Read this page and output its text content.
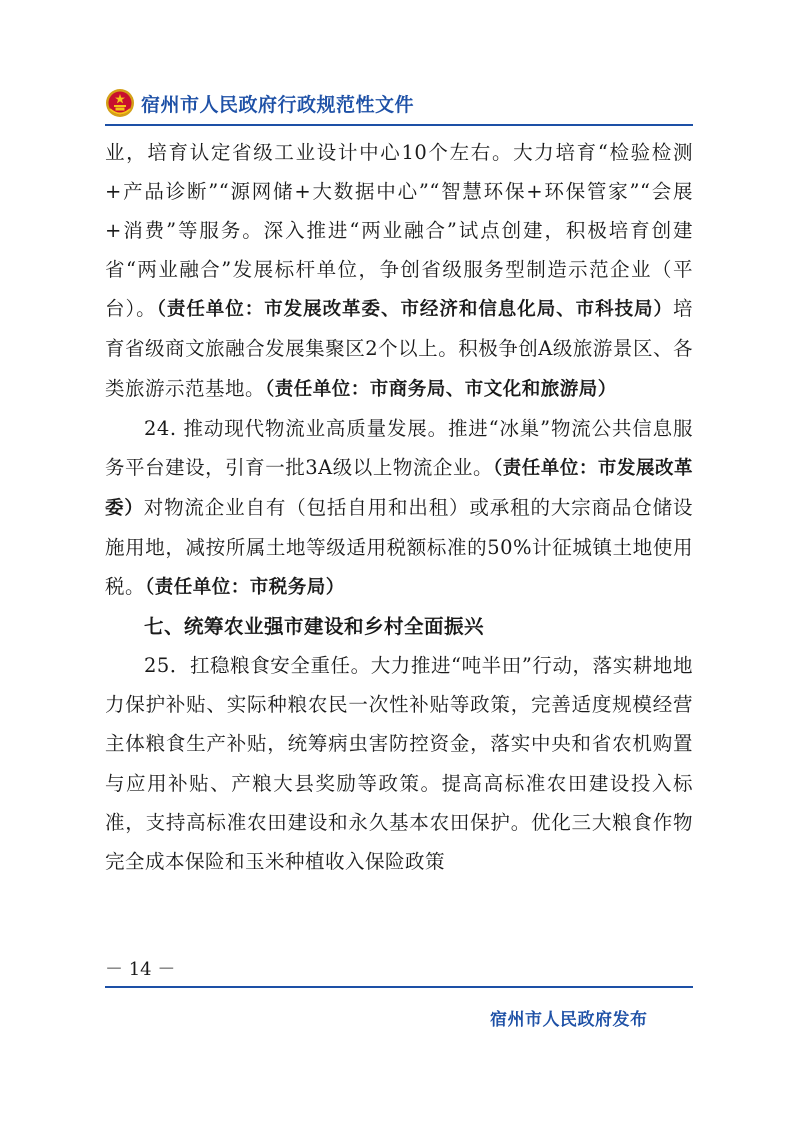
宿州市人民政府行政规范性文件

业，培育认定省级工业设计中心10个左右。大力培育“检验检测+产品诊断”“源网储+大数据中心”“智慧环保+环保管家”“会展+消费”等服务。深入推进“两业融合”试点创建，积极培育创建省“两业融合”发展标杆单位，争创省级服务型制造示范企业（平台）。（责任单位：市发展改革委、市经济和信息化局、市科技局）培育省级商文旅融合发展集聚区2个以上。积极争创A级旅游景区、各类旅游示范基地。（责任单位：市商务局、市文化和旅游局）

24. 推动现代物流业高质量发展。推进“冰巢”物流公共信息服务平台建设，引育一批3A级以上物流企业。（责任单位：市发展改革委）对物流企业自有（包括自用和出租）或承租的大宗商品仓储设施用地，减按所属土地等级适用税额标准的50%计征城镇土地使用税。（责任单位：市税务局）

七、统筹农业强市建设和乡村全面振兴

25．扛稳粮食安全重任。大力推进“吨半田”行动，落实耕地地力保护补贴、实际种粮农民一次性补贴等政策，完善适度规模经营主体粮食生产补贴，统筹病虫害防控资金，落实中央和省农机购置与应用补贴、产粮大县奖励等政策。提高高标准农田建设投入标准，支持高标准农田建设和永久基本农田保护。优化三大粮食作物完全成本保险和玉米种植收入保险政策

－ 14 －
宿州市人民政府发布
